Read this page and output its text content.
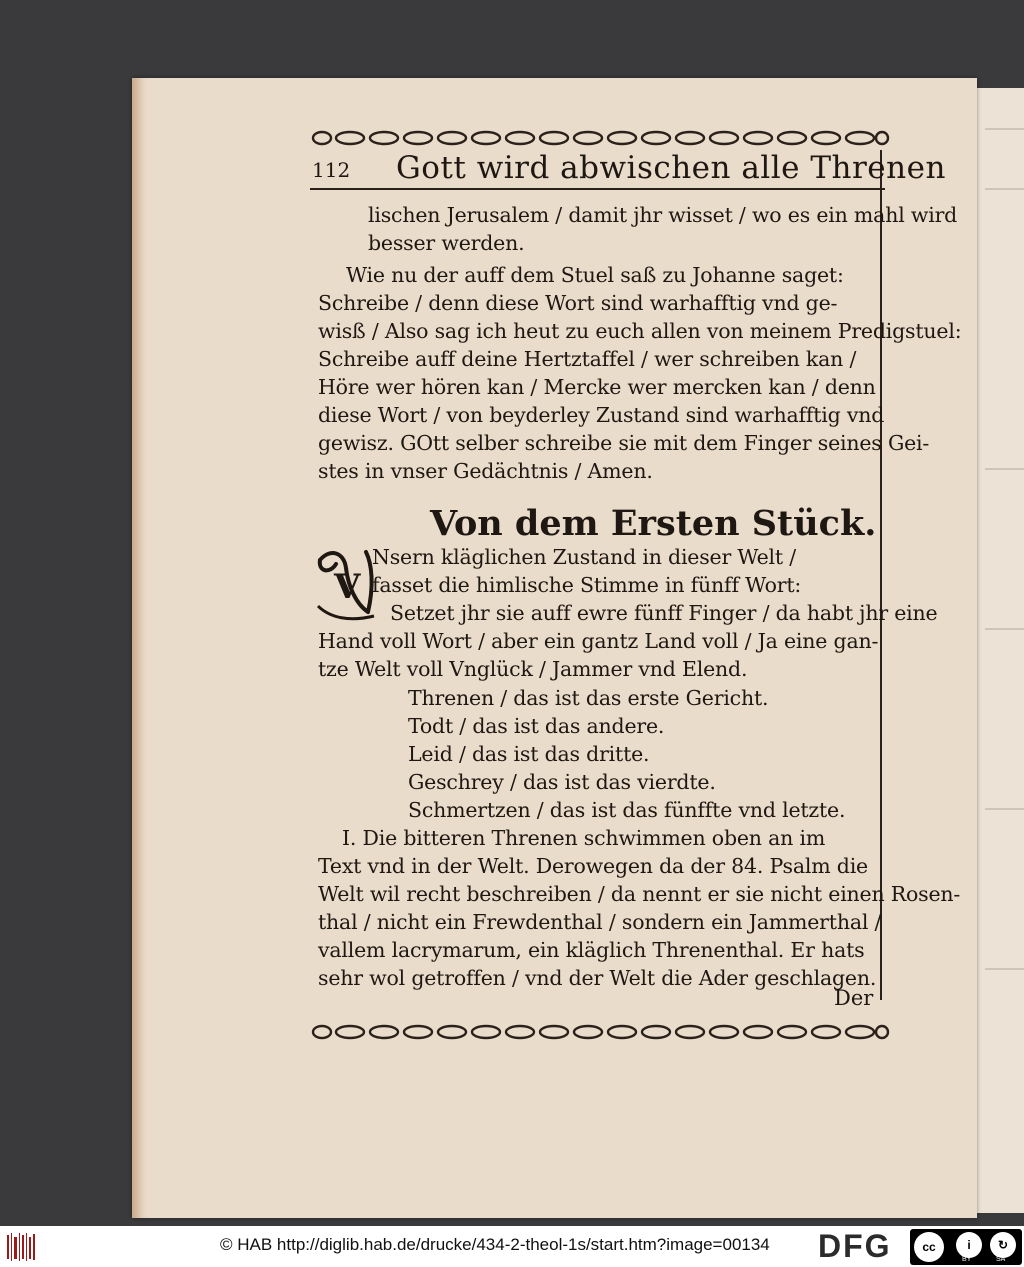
112 Gott wird abwischen alle Threnen
lischen Jerusalem / damit jhr wisset / wo es ein mahl wird
besser werden.
Wie nu der auff dem Stuel saß zu Johanne saget:
Schreibe / denn diese Wort sind warhafftig vnd ge-
wisß / Also sag ich heut zu euch allen von meinem Predigstuel:
Schreibe auff deine Hertztaffel / wer schreiben kan /
Höre wer hören kan / Mercke wer mercken kan / denn
diese Wort / von beyderley Zustand sind warhafftig vnd
gewisz. GOtt selber schreibe sie mit dem Finger seines Gei-
stes in vnser Gedächtnis / Amen.
Von dem Ersten Stück.
V
Nsern kläglichen Zustand in dieser Welt /
fasset die himlische Stimme in fünff Wort:
Setzet jhr sie auff ewre fünff Finger / da habt jhr eine
Hand voll Wort / aber ein gantz Land voll / Ja eine gan-
tze Welt voll Vnglück / Jammer vnd Elend.
Threnen / das ist das erste Gericht.
Todt / das ist das andere.
Leid / das ist das dritte.
Geschrey / das ist das vierdte.
Schmertzen / das ist das fünffte vnd letzte.
I. Die bitteren Threnen schwimmen oben an im
Text vnd in der Welt. Derowegen da der 84. Psalm die
Welt wil recht beschreiben / da nennt er sie nicht einen Rosen-
thal / nicht ein Frewdenthal / sondern ein Jammerthal /
vallem lacrymarum, ein kläglich Threnenthal. Er hats
sehr wol getroffen / vnd der Welt die Ader geschlagen.
Der
© HAB http://diglib.hab.de/drucke/434-2-theol-1s/start.htm?image=00134 DFG	cc	i	↻
BY	SA
